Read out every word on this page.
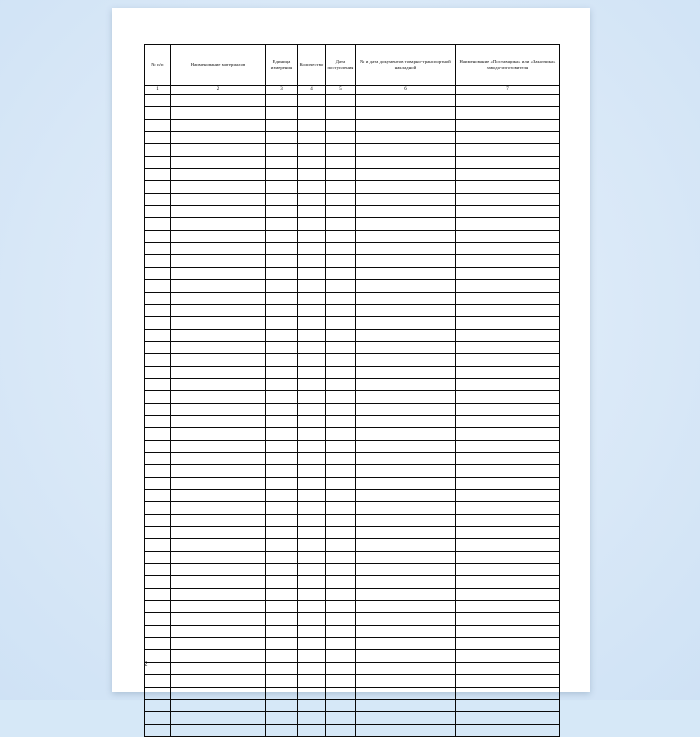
№ п/п	Наименование материалов	Единица измерения	Количество	Дата поступления	№ и дата документов товарно-транспортной накладной	Наименование «Поставщика» или «Заказчика» завода-изготовителя
1	2	3	4	5	6	7

2
